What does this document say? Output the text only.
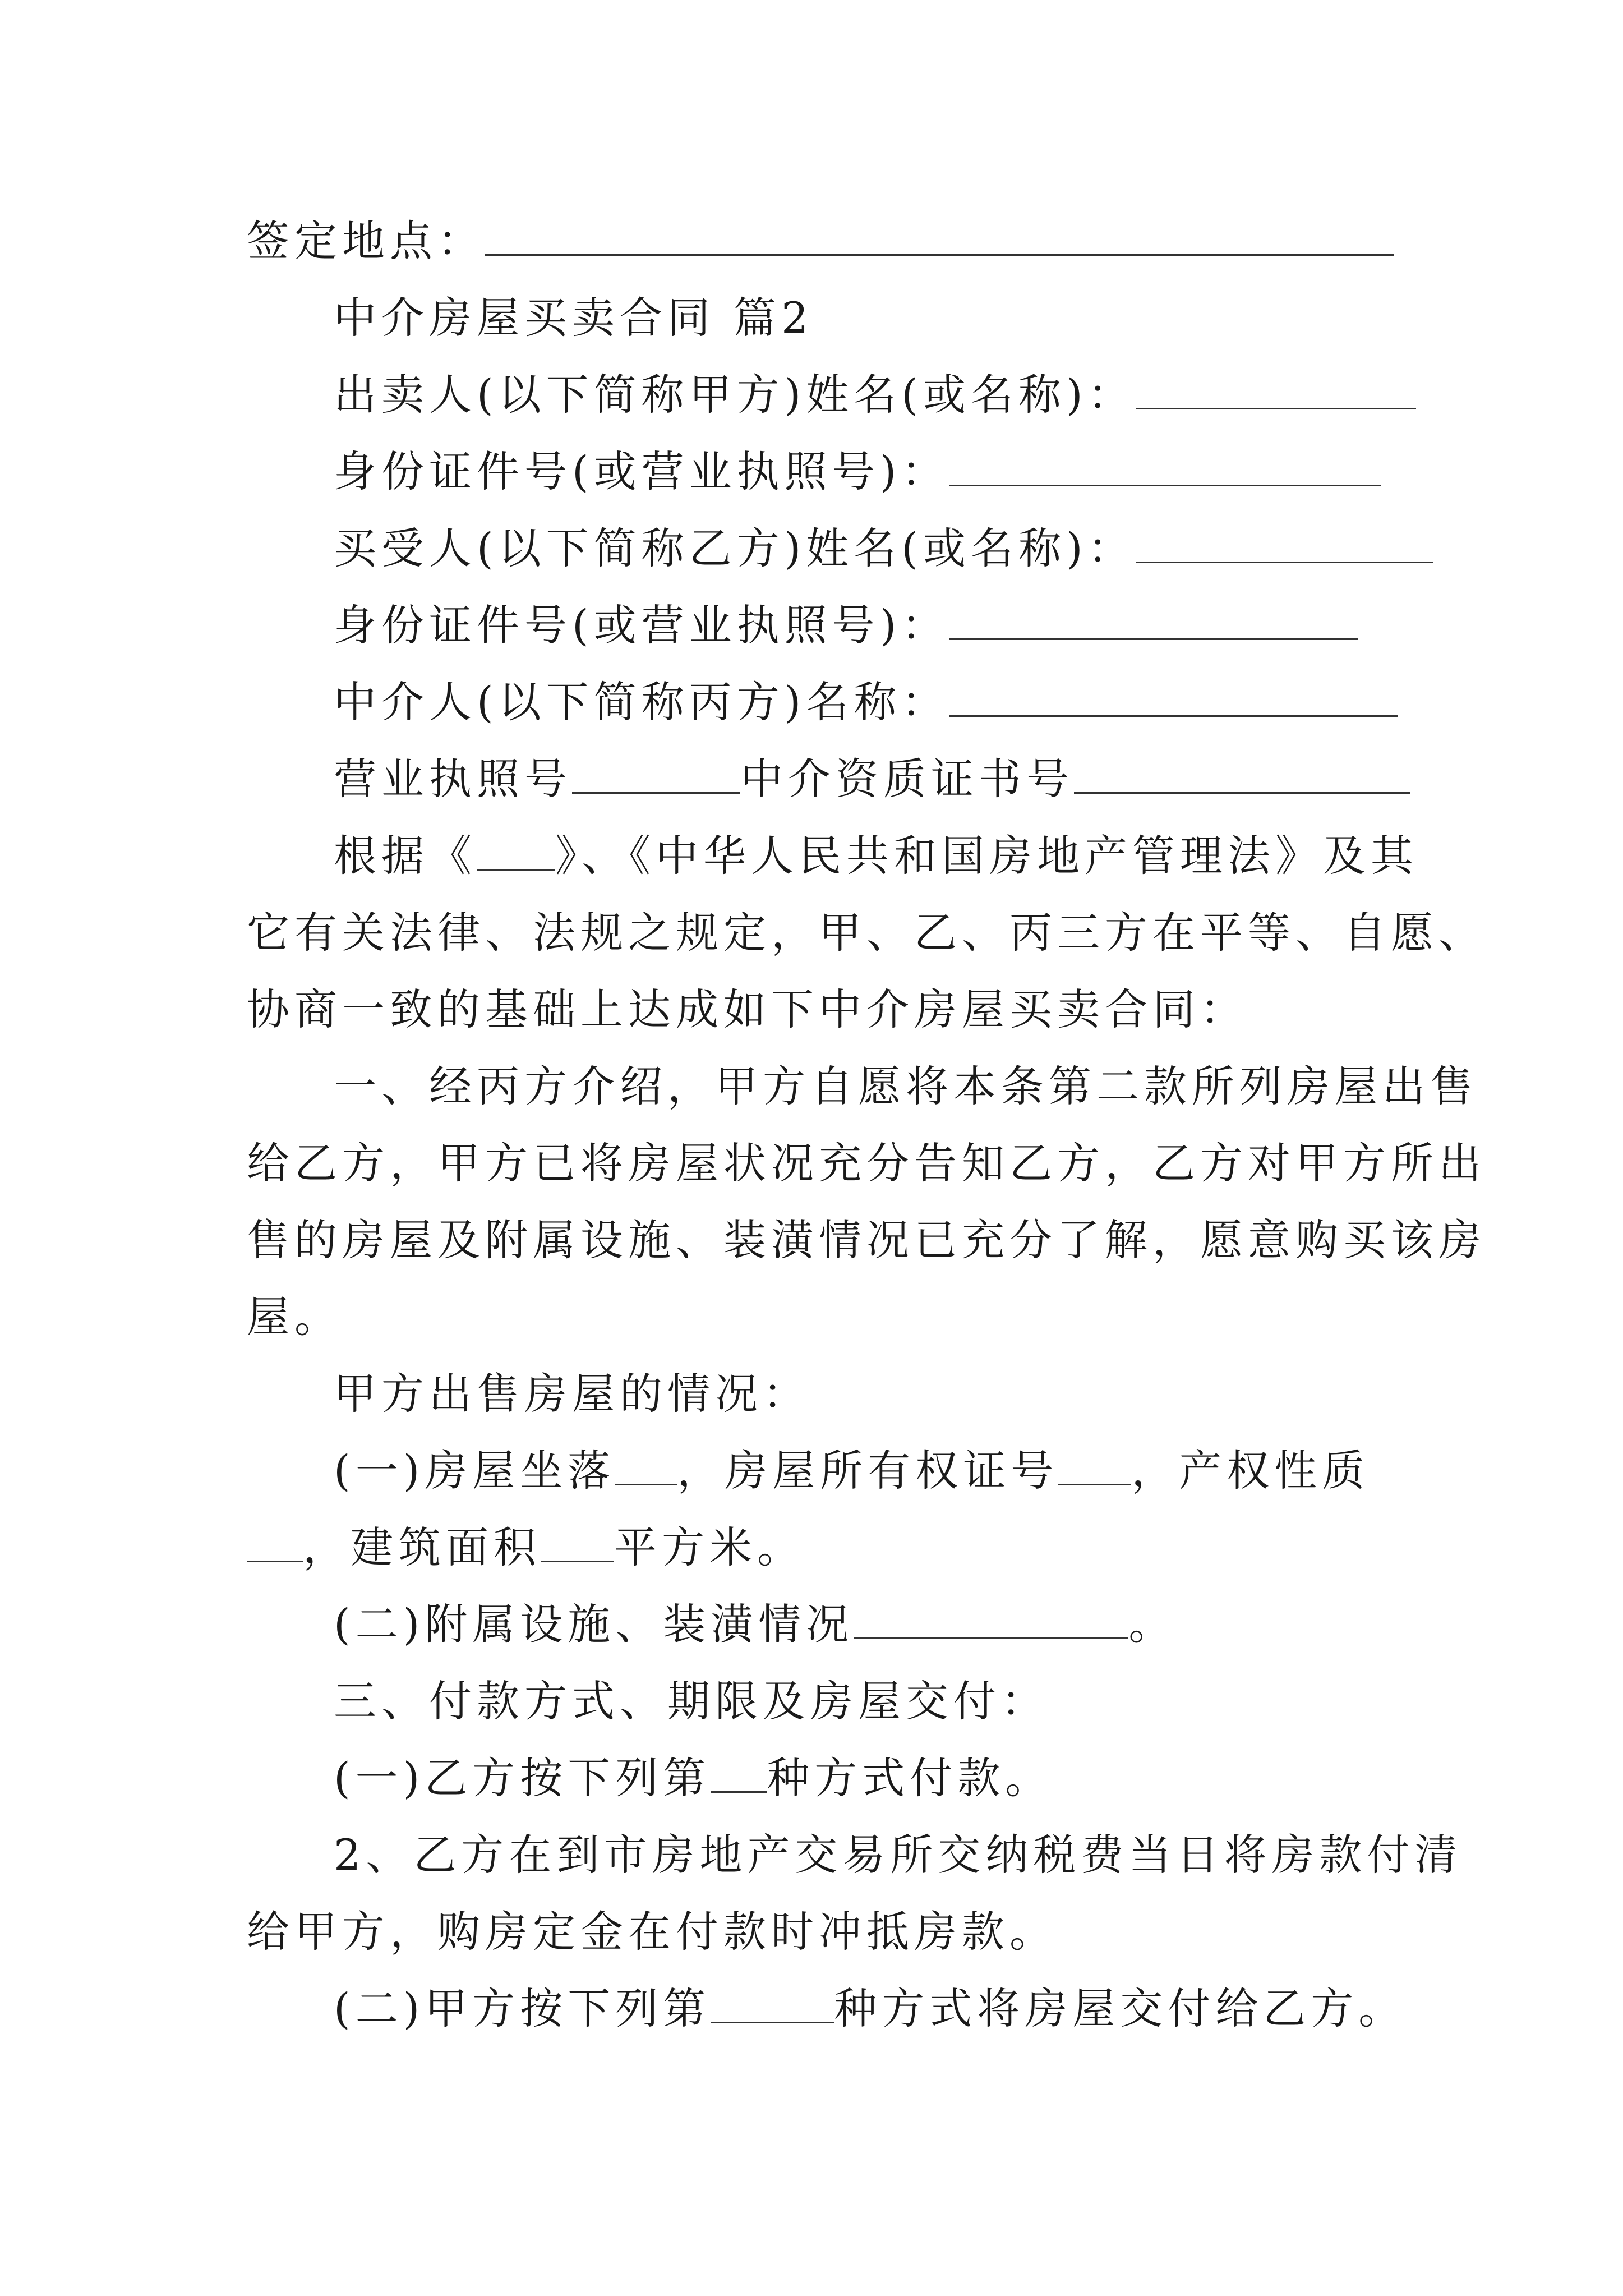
签定地点：
中介房屋买卖合同 篇2
出卖人(以下简称甲方)姓名(或名称)：
身份证件号(或营业执照号)：
买受人(以下简称乙方)姓名(或名称)：
身份证件号(或营业执照号)：
中介人(以下简称丙方)名称：
营业执照号	中介资质证书号
根据《 》、《中华人民共和国房地产管理法》及其
它有关法律、法规之规定，甲、乙、丙三方在平等、自愿、
协商一致的基础上达成如下中介房屋买卖合同：
一、经丙方介绍，甲方自愿将本条第二款所列房屋出售
给乙方，甲方已将房屋状况充分告知乙方，乙方对甲方所出
售的房屋及附属设施、装潢情况已充分了解，愿意购买该房
屋。
甲方出售房屋的情况：
(一)房屋坐落 ，房屋所有权证号 ，产权性质
，建筑面积 平方米。
(二)附属设施、装潢情况	。
三、付款方式、期限及房屋交付：
(一)乙方按下列第 种方式付款。
2、乙方在到市房地产交易所交纳税费当日将房款付清
给甲方，购房定金在付款时冲抵房款。
(二)甲方按下列第	种方式将房屋交付给乙方。
